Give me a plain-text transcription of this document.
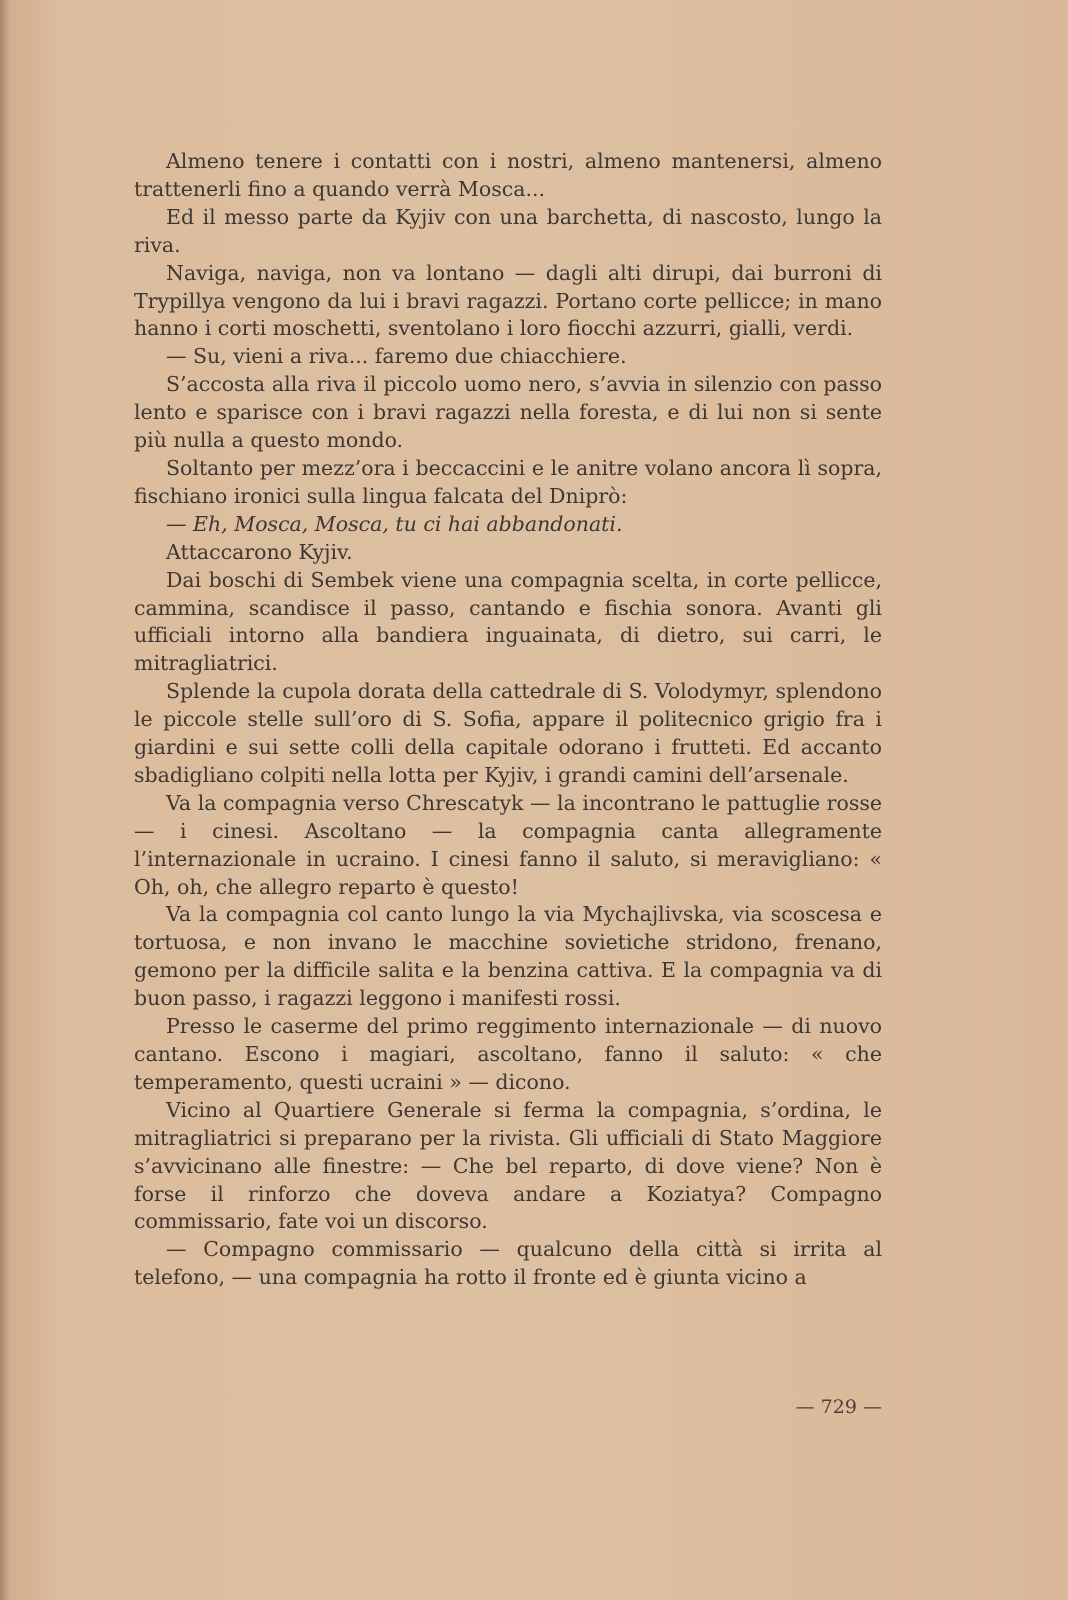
Almeno tenere i contatti con i nostri, almeno mantenersi, almeno trattenerli fino a quando verrà Mosca...

Ed il messo parte da Kyjiv con una barchetta, di nascosto, lungo la riva.

Naviga, naviga, non va lontano — dagli alti dirupi, dai burroni di Trypillya vengono da lui i bravi ragazzi. Portano corte pellicce; in mano hanno i corti moschetti, sventolano i loro fiocchi azzurri, gialli, verdi.

— Su, vieni a riva... faremo due chiacchiere.

S’accosta alla riva il piccolo uomo nero, s’avvia in silenzio con passo lento e sparisce con i bravi ragazzi nella foresta, e di lui non si sente più nulla a questo mondo.

Soltanto per mezz’ora i beccaccini e le anitre volano ancora lì sopra, fischiano ironici sulla lingua falcata del Dniprò:

— Eh, Mosca, Mosca, tu ci hai abbandonati.

Attaccarono Kyjiv.

Dai boschi di Sembek viene una compagnia scelta, in corte pellicce, cammina, scandisce il passo, cantando e fischia sonora. Avanti gli ufficiali intorno alla bandiera inguainata, di dietro, sui carri, le mitragliatrici.

Splende la cupola dorata della cattedrale di S. Volodymyr, splendono le piccole stelle sull’oro di S. Sofia, appare il politecnico grigio fra i giardini e sui sette colli della capitale odorano i frutteti. Ed accanto sbadigliano colpiti nella lotta per Kyjiv, i grandi camini dell’arsenale.

Va la compagnia verso Chrescatyk — la incontrano le pattuglie rosse — i cinesi. Ascoltano — la compagnia canta allegramente l’internazionale in ucraino. I cinesi fanno il saluto, si meravigliano: « Oh, oh, che allegro reparto è questo!

Va la compagnia col canto lungo la via Mychajlivska, via scoscesa e tortuosa, e non invano le macchine sovietiche stridono, frenano, gemono per la difficile salita e la benzina cattiva. E la compagnia va di buon passo, i ragazzi leggono i manifesti rossi.

Presso le caserme del primo reggimento internazionale — di nuovo cantano. Escono i magiari, ascoltano, fanno il saluto: « che temperamento, questi ucraini » — dicono.

Vicino al Quartiere Generale si ferma la compagnia, s’ordina, le mitragliatrici si preparano per la rivista. Gli ufficiali di Stato Maggiore s’avvicinano alle finestre: — Che bel reparto, di dove viene? Non è forse il rinforzo che doveva andare a Koziatya? Compagno commissario, fate voi un discorso.

— Compagno commissario — qualcuno della città si irrita al telefono, — una compagnia ha rotto il fronte ed è giunta vicino a

— 729 —
